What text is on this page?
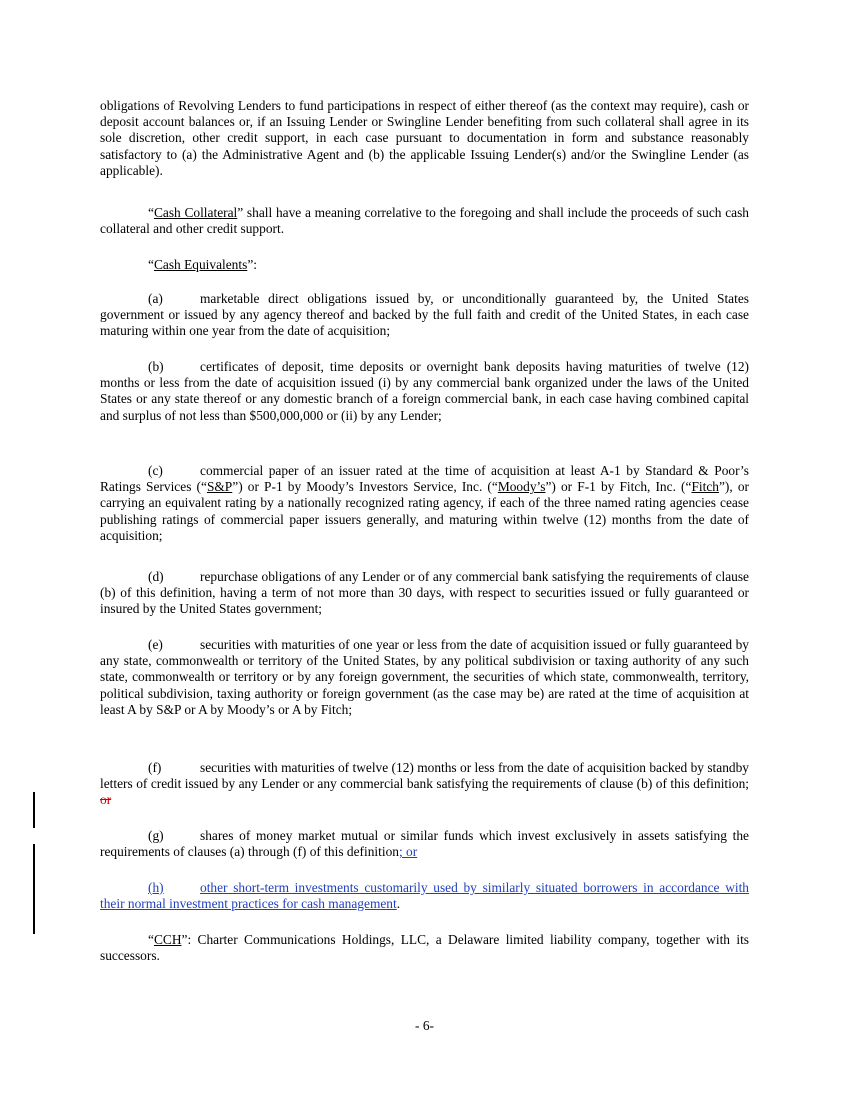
obligations of Revolving Lenders to fund participations in respect of either thereof (as the context may require), cash or deposit account balances or, if an Issuing Lender or Swingline Lender benefiting from such collateral shall agree in its sole discretion, other credit support, in each case pursuant to documentation in form and substance reasonably satisfactory to (a) the Administrative Agent and (b) the applicable Issuing Lender(s) and/or the Swingline Lender (as applicable).

“Cash Collateral” shall have a meaning correlative to the foregoing and shall include the proceeds of such cash collateral and other credit support.

“Cash Equivalents”:

(a)	marketable direct obligations issued by, or unconditionally guaranteed by, the United States government or issued by any agency thereof and backed by the full faith and credit of the United States, in each case maturing within one year from the date of acquisition;

(b)	certificates of deposit, time deposits or overnight bank deposits having maturities of twelve (12) months or less from the date of acquisition issued (i) by any commercial bank organized under the laws of the United States or any state thereof or any domestic branch of a foreign commercial bank, in each case having combined capital and surplus of not less than $500,000,000 or (ii) by any Lender;

(c)	commercial paper of an issuer rated at the time of acquisition at least A-1 by Standard & Poor’s Ratings Services (“S&P”) or P-1 by Moody’s Investors Service, Inc. (“Moody’s”) or F-1 by Fitch, Inc. (“Fitch”), or carrying an equivalent rating by a nationally recognized rating agency, if each of the three named rating agencies cease publishing ratings of commercial paper issuers generally, and maturing within twelve (12) months from the date of acquisition;

(d)	repurchase obligations of any Lender or of any commercial bank satisfying the requirements of clause (b) of this definition, having a term of not more than 30 days, with respect to securities issued or fully guaranteed or insured by the United States government;

(e)	securities with maturities of one year or less from the date of acquisition issued or fully guaranteed by any state, commonwealth or territory of the United States, by any political subdivision or taxing authority of any such state, commonwealth or territory or by any foreign government, the securities of which state, commonwealth, territory, political subdivision, taxing authority or foreign government (as the case may be) are rated at the time of acquisition at least A by S&P or A by Moody’s or A by Fitch;

(f)	securities with maturities of twelve (12) months or less from the date of acquisition backed by standby letters of credit issued by any Lender or any commercial bank satisfying the requirements of clause (b) of this definition; or

(g)	shares of money market mutual or similar funds which invest exclusively in assets satisfying the requirements of clauses (a) through (f) of this definition; or

(h)	other short-term investments customarily used by similarly situated borrowers in accordance with their normal investment practices for cash management.

“CCH”: Charter Communications Holdings, LLC, a Delaware limited liability company, together with its successors.

- 6-
